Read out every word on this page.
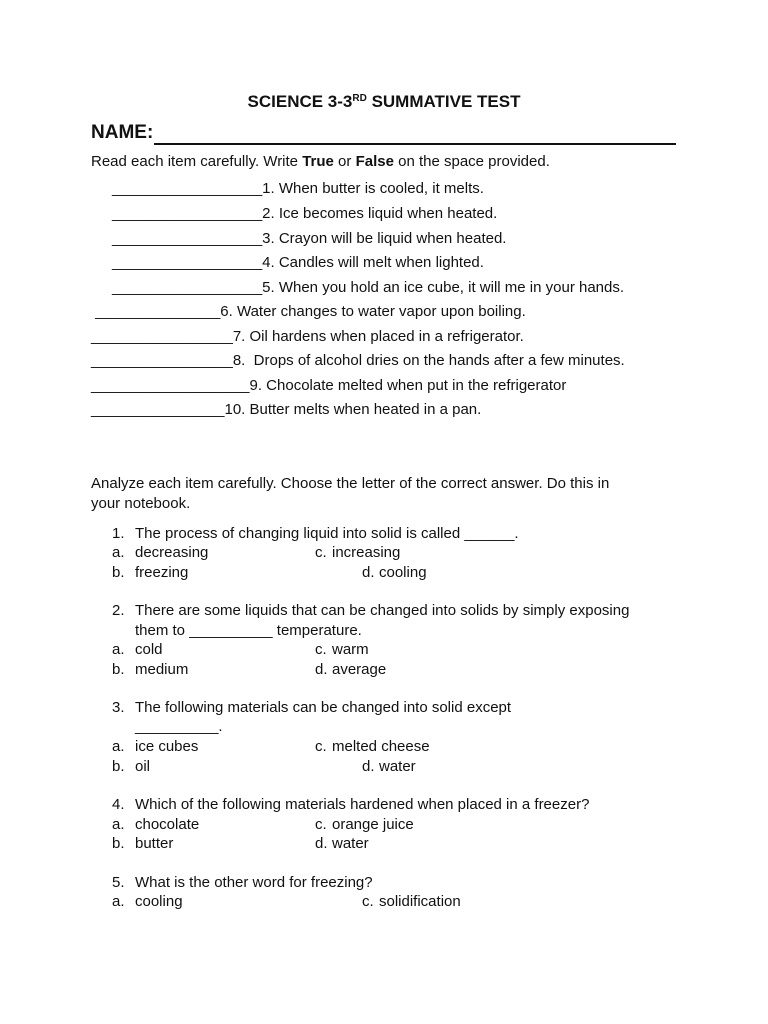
SCIENCE 3-3RD SUMMATIVE TEST
NAME:
Read each item carefully. Write True or False on the space provided.
__________________1. When butter is cooled, it melts.
__________________2. Ice becomes liquid when heated.
__________________3. Crayon will be liquid when heated.
__________________4. Candles will melt when lighted.
__________________5. When you hold an ice cube, it will me in your hands.
_______________6. Water changes to water vapor upon boiling.
_________________7. Oil hardens when placed in a refrigerator.
_________________8.  Drops of alcohol dries on the hands after a few minutes.
___________________9. Chocolate melted when put in the refrigerator
________________10. Butter melts when heated in a pan.
Analyze each item carefully. Choose the letter of the correct answer. Do this in
your notebook.
1. The process of changing liquid into solid is called ______.
a. decreasing	c. increasing
b. freezing	d. cooling
2. There are some liquids that can be changed into solids by simply exposing
them to __________ temperature.
a. cold	c. warm
b. medium	d. average
3. The following materials can be changed into solid except
__________.
a. ice cubes	c. melted cheese
b. oil	d. water
4. Which of the following materials hardened when placed in a freezer?
a. chocolate	c. orange juice
b. butter	d. water
5. What is the other word for freezing?
a. cooling	c. solidification
